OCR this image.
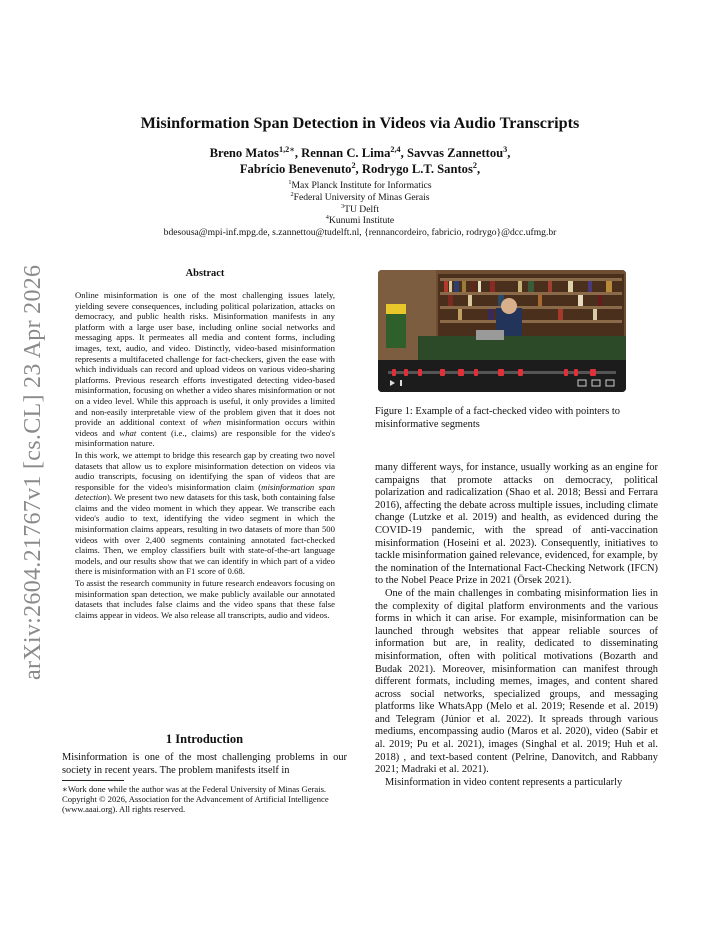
arXiv:2604.21767v1 [cs.CL] 23 Apr 2026
Misinformation Span Detection in Videos via Audio Transcripts
Breno Matos$^{1,2∗}$, Rennan C. Lima$^{2,4}$, Savvas Zannettou$^3$,
Fabrício Benevenuto$^2$, Rodrygo L.T. Santos$^2$,
$^1$Max Planck Institute for Informatics
$^2$Federal University of Minas Gerais
$^3$TU Delft
$^4$Kunumi Institute
bdesousa@mpi-inf.mpg.de, s.zannettou@tudelft.nl, {rennancordeiro, fabricio, rodrygo}@dcc.ufmg.br
Abstract

Online misinformation is one of the most challenging issues lately, yielding severe consequences, including political polarization, attacks on democracy, and public health risks. Misinformation manifests in any platform with a large user base, including online social networks and messaging apps. It permeates all media and content forms, including images, text, audio, and video. Distinctly, video-based misinformation represents a multifaceted challenge for fact-checkers, given the ease with which individuals can record and upload videos on various video-sharing platforms. Previous research efforts investigated detecting video-based misinformation, focusing on whether a video shares misinformation or not on a video level. While this approach is useful, it only provides a limited and non-easily interpretable view of the problem given that it does not provide an additional context of when misinformation occurs within videos and what content (i.e., claims) are responsible for the video's misinformation nature.

In this work, we attempt to bridge this research gap by creating two novel datasets that allow us to explore misinformation detection on videos via audio transcripts, focusing on identifying the span of videos that are responsible for the video's misinformation claim (misinformation span detection). We present two new datasets for this task, both containing false claims and the video moment in which they appear. We transcribe each video's audio to text, identifying the video segment in which the misinformation claims appears, resulting in two datasets of more than 500 videos with over 2,400 segments containing annotated fact-checked claims. Then, we employ classifiers built with state-of-the-art language models, and our results show that we can identify in which part of a video there is misinformation with an F1 score of 0.68.

To assist the research community in future research endeavors focusing on misinformation span detection, we make publicly available our annotated datasets that includes false claims and the video spans that these false claims appear in videos. We also release all transcripts, audio and videos.

1 Introduction

Misinformation is one of the most challenging problems in our society in recent years. The problem manifests itself in

∗Work done while the author was at the Federal University of Minas Gerais.

Copyright © 2026, Association for the Advancement of Artificial Intelligence (www.aaai.org). All rights reserved.

Figure 1: Example of a fact-checked video with pointers to misinformative segments

many different ways, for instance, usually working as an engine for campaigns that promote attacks on democracy, political polarization and radicalization (Shao et al. 2018; Bessi and Ferrara 2016), affecting the debate across multiple issues, including climate change (Lutzke et al. 2019) and health, as evidenced during the COVID-19 pandemic, with the spread of anti-vaccination misinformation (Hoseini et al. 2023). Consequently, initiatives to tackle misinformation gained relevance, evidenced, for example, by the nomination of the International Fact-Checking Network (IFCN) to the Nobel Peace Prize in 2021 (Örsek 2021).

One of the main challenges in combating misinformation lies in the complexity of digital platform environments and the various forms in which it can arise. For example, misinformation can be launched through websites that appear reliable sources of information but are, in reality, dedicated to disseminating misinformation, often with political motivations (Bozarth and Budak 2021). Moreover, misinformation can manifest through different formats, including memes, images, and content shared across social networks, specialized groups, and messaging platforms like WhatsApp (Melo et al. 2019; Resende et al. 2019) and Telegram (Júnior et al. 2022). It spreads through various mediums, encompassing audio (Maros et al. 2020), video (Sabir et al. 2019; Pu et al. 2021), images (Singhal et al. 2019; Huh et al. 2018) , and text-based content (Pelrine, Danovitch, and Rabbany 2021; Madraki et al. 2021).

Misinformation in video content represents a particularly
